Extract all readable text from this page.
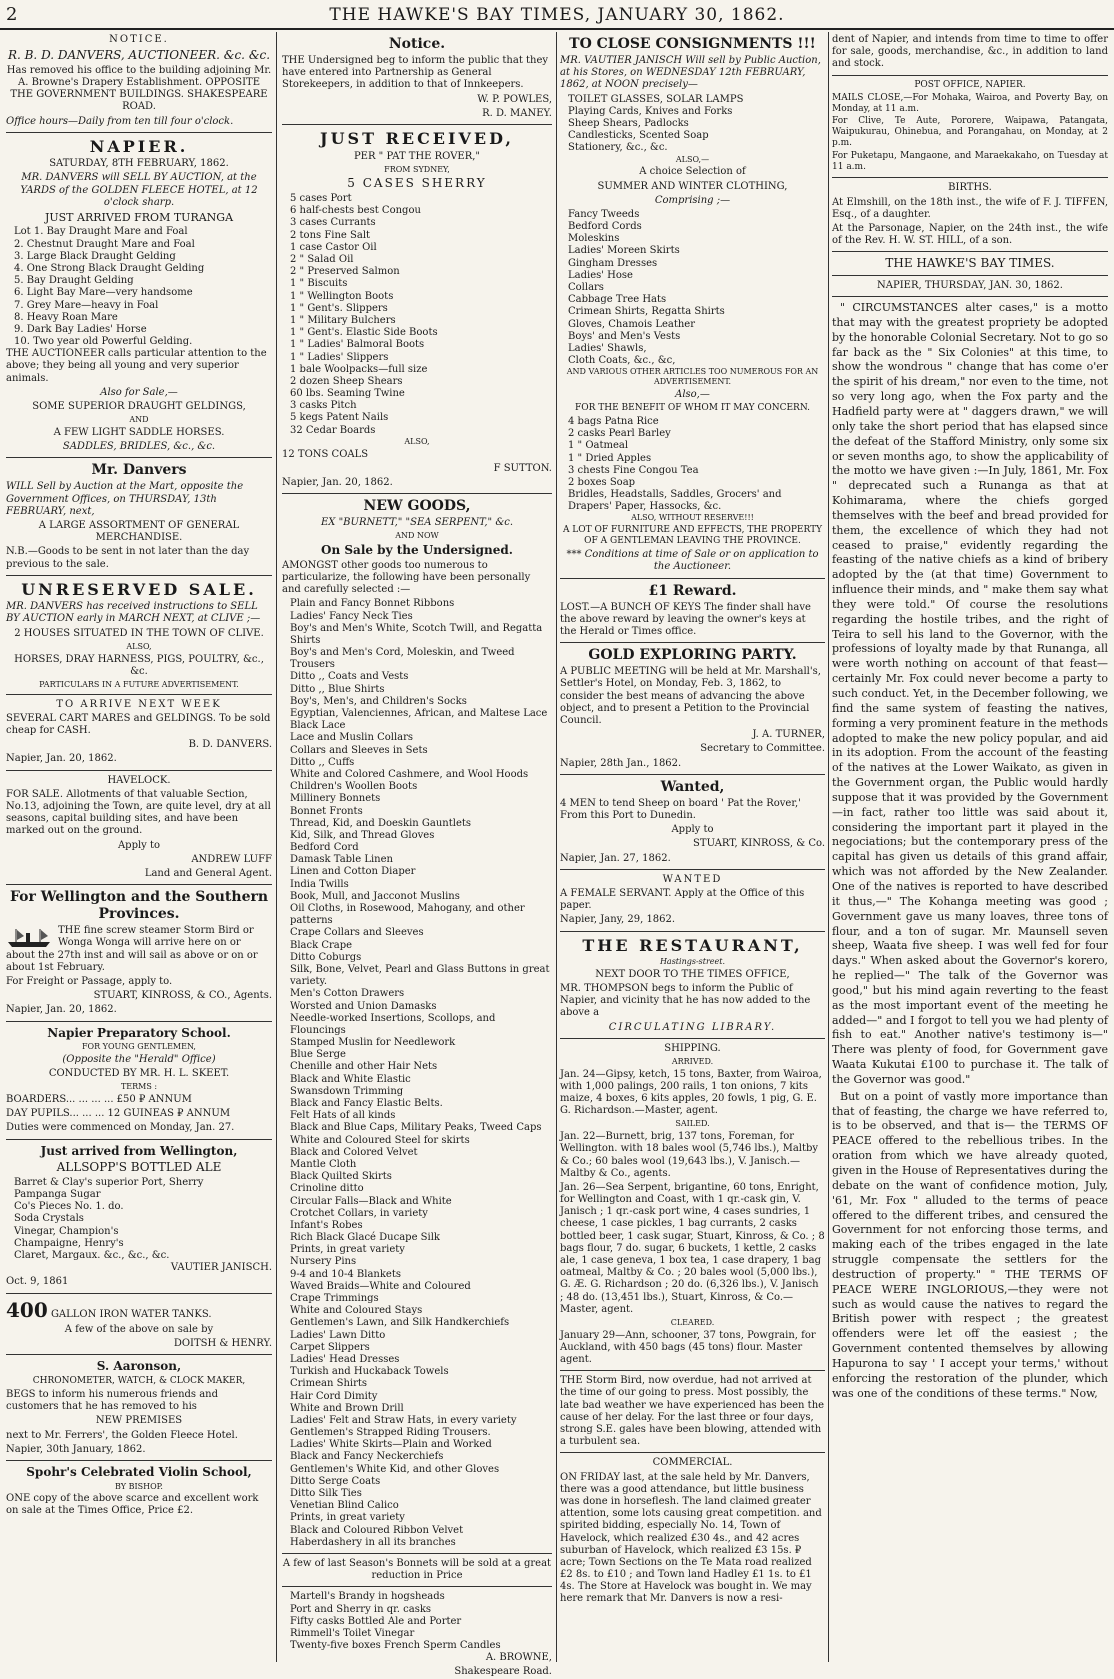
2	THE HAWKE'S BAY TIMES, JANUARY 30, 1862.

NOTICE.

R. B. D. DANVERS, AUCTIONEER. &c. &c.

Has removed his office to the building adjoining Mr. A. Browne's Drapery Establishment. OPPOSITE THE GOVERNMENT BUILDINGS. SHAKESPEARE ROAD.

Office hours—Daily from ten till four o'clock.

NAPIER.

SATURDAY, 8TH FEBRUARY, 1862.

MR. DANVERS will SELL BY AUCTION, at the YARDS of the GOLDEN FLEECE HOTEL, at 12 o'clock sharp.

JUST ARRIVED FROM TURANGA

Lot 1. Bay Draught Mare and Foal

2. Chestnut Draught Mare and Foal

3. Large Black Draught Gelding

4. One Strong Black Draught Gelding

5. Bay Draught Gelding

6. Light Bay Mare—very handsome

7. Grey Mare—heavy in Foal

8. Heavy Roan Mare

9. Dark Bay Ladies' Horse

10. Two year old Powerful Gelding.

THE AUCTIONEER calls particular attention to the above; they being all young and very superior animals.

Also for Sale,—

SOME SUPERIOR DRAUGHT GELDINGS,

AND

A FEW LIGHT SADDLE HORSES.

SADDLES, BRIDLES, &c., &c.

Mr. Danvers

WILL Sell by Auction at the Mart, opposite the Government Offices, on THURSDAY, 13th FEBRUARY, next,

A LARGE ASSORTMENT OF GENERAL MERCHANDISE.

N.B.—Goods to be sent in not later than the day previous to the sale.

UNRESERVED SALE.

MR. DANVERS has received instructions to SELL BY AUCTION early in MARCH NEXT, at CLIVE ;—

2 HOUSES SITUATED IN THE TOWN OF CLIVE.

ALSO,

HORSES, DRAY HARNESS, PIGS, POULTRY, &c., &c.

PARTICULARS IN A FUTURE ADVERTISEMENT.

TO ARRIVE NEXT WEEK

SEVERAL CART MARES and GELDINGS. To be sold cheap for CASH.

B. D. DANVERS.

Napier, Jan. 20, 1862.

HAVELOCK.

FOR SALE. Allotments of that valuable Section, No.13, adjoining the Town, are quite level, dry at all seasons, capital building sites, and have been marked out on the ground.

Apply to

ANDREW LUFF

Land and General Agent.

For Wellington and the Southern Provinces.

THE fine screw steamer Storm Bird or Wonga Wonga will arrive here on or about the 27th inst and will sail as above or on or about 1st February.

For Freight or Passage, apply to.

STUART, KINROSS, & CO., Agents.

Napier, Jan. 20, 1862.

Napier Preparatory School.

FOR YOUNG GENTLEMEN,

(Opposite the "Herald" Office)

CONDUCTED BY MR. H. L. SKEET.

TERMS :

BOARDERS... ... ... ... £50 ₽ ANNUM

DAY PUPILS... ... ... 12 GUINEAS ₽ ANNUM

Duties were commenced on Monday, Jan. 27.

Just arrived from Wellington,

ALLSOPP'S BOTTLED ALE

Barret & Clay's superior Port, Sherry

Pampanga Sugar

Co's Pieces No. 1. do.

Soda Crystals

Vinegar, Champion's

Champaigne, Henry's

Claret, Margaux. &c., &c., &c.

VAUTIER JANISCH.

Oct. 9, 1861

400 GALLON IRON WATER TANKS.

A few of the above on sale by

DOITSH & HENRY.

S. Aaronson,

CHRONOMETER, WATCH, & CLOCK MAKER,

BEGS to inform his numerous friends and customers that he has removed to his

NEW PREMISES

next to Mr. Ferrers', the Golden Fleece Hotel.

Napier, 30th January, 1862.

Spohr's Celebrated Violin School,

BY BISHOP.

ONE copy of the above scarce and excellent work on sale at the Times Office, Price £2.

Notice.

THE Undersigned beg to inform the public that they have entered into Partnership as General Storekeepers, in addition to that of Innkeepers.

W. P. POWLES,

R. D. MANEY.

JUST RECEIVED,

PER " PAT THE ROVER,"

FROM SYDNEY,

5 CASES SHERRY

5 cases Port

6 half-chests best Congou

3 cases Currants

2 tons Fine Salt

1 case Castor Oil

2 " Salad Oil

2 " Preserved Salmon

1 " Biscuits

1 " Wellington Boots

1 " Gent's. Slippers

1 " Military Bulchers

1 " Gent's. Elastic Side Boots

1 " Ladies' Balmoral Boots

1 " Ladies' Slippers

1 bale Woolpacks—full size

2 dozen Sheep Shears

60 lbs. Seaming Twine

3 casks Pitch

5 kegs Patent Nails

32 Cedar Boards

ALSO,

12 TONS COALS

F SUTTON.

Napier, Jan. 20, 1862.

NEW GOODS,

EX "BURNETT," "SEA SERPENT," &c.

AND NOW

On Sale by the Undersigned.

AMONGST other goods too numerous to particularize, the following have been personally and carefully selected :—

Plain and Fancy Bonnet Ribbons

Ladies' Fancy Neck Ties

Boy's and Men's White, Scotch Twill, and Regatta Shirts

Boy's and Men's Cord, Moleskin, and Tweed Trousers

Ditto ,, Coats and Vests

Ditto ,, Blue Shirts

Boy's, Men's, and Children's Socks

Egyptian, Valenciennes, African, and Maltese Lace

Black Lace

Lace and Muslin Collars

Collars and Sleeves in Sets

Ditto ,, Cuffs

White and Colored Cashmere, and Wool Hoods

Children's Woollen Boots

Millinery Bonnets

Bonnet Fronts

Thread, Kid, and Doeskin Gauntlets

Kid, Silk, and Thread Gloves

Bedford Cord

Damask Table Linen

Linen and Cotton Diaper

India Twills

Book, Mull, and Jacconot Muslins

Oil Cloths, in Rosewood, Mahogany, and other patterns

Crape Collars and Sleeves

Black Crape

Ditto Coburgs

Silk, Bone, Velvet, Pearl and Glass Buttons in great variety.

Men's Cotton Drawers

Worsted and Union Damasks

Needle-worked Insertions, Scollops, and Flouncings

Stamped Muslin for Needlework

Blue Serge

Chenille and other Hair Nets

Black and White Elastic

Swansdown Trimming

Black and Fancy Elastic Belts.

Felt Hats of all kinds

Black and Blue Caps, Military Peaks, Tweed Caps

White and Coloured Steel for skirts

Black and Colored Velvet

Mantle Cloth

Black Quilted Skirts

Crinoline ditto

Circular Falls—Black and White

Crotchet Collars, in variety

Infant's Robes

Rich Black Glacé Ducape Silk

Prints, in great variety

Nursery Pins

9-4 and 10-4 Blankets

Waved Braids—White and Coloured

Crape Trimmings

White and Coloured Stays

Gentlemen's Lawn, and Silk Handkerchiefs

Ladies' Lawn Ditto

Carpet Slippers

Ladies' Head Dresses

Turkish and Huckaback Towels

Crimean Shirts

Hair Cord Dimity

White and Brown Drill

Ladies' Felt and Straw Hats, in every variety

Gentlemen's Strapped Riding Trousers.

Ladies' White Skirts—Plain and Worked

Black and Fancy Neckerchiefs

Gentlemen's White Kid, and other Gloves

Ditto Serge Coats

Ditto Silk Ties

Venetian Blind Calico

Prints, in great variety

Black and Coloured Ribbon Velvet

Haberdashery in all its branches

A few of last Season's Bonnets will be sold at a great reduction in Price

Martell's Brandy in hogsheads

Port and Sherry in qr. casks

Fifty casks Bottled Ale and Porter

Rimmell's Toilet Vinegar

Twenty-five boxes French Sperm Candles

A. BROWNE,

Shakespeare Road.

TO CLOSE CONSIGNMENTS !!!

MR. VAUTIER JANISCH Will sell by Public Auction, at his Stores, on WEDNESDAY 12th FEBRUARY, 1862, at NOON precisely—

TOILET GLASSES, SOLAR LAMPS

Playing Cards, Knives and Forks

Sheep Shears, Padlocks

Candlesticks, Scented Soap

Stationery, &c., &c.

ALSO,—

A choice Selection of

SUMMER AND WINTER CLOTHING,

Comprising ;—

Fancy Tweeds

Bedford Cords

Moleskins

Ladies' Moreen Skirts

Gingham Dresses

Ladies' Hose

Collars

Cabbage Tree Hats

Crimean Shirts, Regatta Shirts

Gloves, Chamois Leather

Boys' and Men's Vests

Ladies' Shawls,

Cloth Coats, &c., &c,

AND VARIOUS OTHER ARTICLES TOO NUMEROUS FOR AN ADVERTISEMENT.

Also,—

FOR THE BENEFIT OF WHOM IT MAY CONCERN.

4 bags Patna Rice

2 casks Pearl Barley

1 " Oatmeal

1 " Dried Apples

3 chests Fine Congou Tea

2 boxes Soap

Bridles, Headstalls, Saddles, Grocers' and Drapers' Paper, Hassocks, &c.

ALSO, WITHOUT RESERVE!!!

A LOT OF FURNITURE AND EFFECTS, THE PROPERTY OF A GENTLEMAN LEAVING THE PROVINCE.

*** Conditions at time of Sale or on application to the Auctioneer.

£1 Reward.

LOST.—A BUNCH OF KEYS The finder shall have the above reward by leaving the owner's keys at the Herald or Times office.

GOLD EXPLORING PARTY.

A PUBLIC MEETING will be held at Mr. Marshall's, Settler's Hotel, on Monday, Feb. 3, 1862, to consider the best means of advancing the above object, and to present a Petition to the Provincial Council.

J. A. TURNER,

Secretary to Committee.

Napier, 28th Jan., 1862.

Wanted,

4 MEN to tend Sheep on board ' Pat the Rover,' From this Port to Dunedin.

Apply to

STUART, KINROSS, & Co.

Napier, Jan. 27, 1862.

WANTED

A FEMALE SERVANT. Apply at the Office of this paper.

Napier, Jany, 29, 1862.

THE RESTAURANT,

Hastings-street.

NEXT DOOR TO THE TIMES OFFICE,

MR. THOMPSON begs to inform the Public of Napier, and vicinity that he has now added to the above a

CIRCULATING LIBRARY.

SHIPPING.

ARRIVED.

Jan. 24—Gipsy, ketch, 15 tons, Baxter, from Wairoa, with 1,000 palings, 200 rails, 1 ton onions, 7 kits maize, 4 boxes, 6 kits apples, 20 fowls, 1 pig, G. E. G. Richardson.—Master, agent.

SAILED.

Jan. 22—Burnett, brig, 137 tons, Foreman, for Wellington. with 18 bales wool (5,746 lbs.), Maltby & Co.; 60 bales wool (19,643 lbs.), V. Janisch.—Maltby & Co., agents.

Jan. 26—Sea Serpent, brigantine, 60 tons, Enright, for Wellington and Coast, with 1 qr.-cask gin, V. Janisch ; 1 qr.-cask port wine, 4 cases sundries, 1 cheese, 1 case pickles, 1 bag currants, 2 casks bottled beer, 1 cask sugar, Stuart, Kinross, & Co. ; 8 bags flour, 7 do. sugar, 6 buckets, 1 kettle, 2 casks ale, 1 case geneva, 1 box tea, 1 case drapery, 1 bag oatmeal, Maltby & Co. ; 20 bales wool (5,000 lbs.), G. Æ. G. Richardson ; 20 do. (6,326 lbs.), V. Janisch ; 48 do. (13,451 lbs.), Stuart, Kinross, & Co.—Master, agent.

CLEARED.

January 29—Ann, schooner, 37 tons, Powgrain, for Auckland, with 450 bags (45 tons) flour. Master agent.

THE Storm Bird, now overdue, had not arrived at the time of our going to press. Most possibly, the late bad weather we have experienced has been the cause of her delay. For the last three or four days, strong S.E. gales have been blowing, attended with a turbulent sea.

COMMERCIAL.

ON FRIDAY last, at the sale held by Mr. Danvers, there was a good attendance, but little business was done in horseflesh. The land claimed greater attention, some lots causing great competition. and spirited bidding, especially No. 14, Town of Havelock, which realized £30 4s., and 42 acres suburban of Havelock, which realized £3 15s. ₽ acre; Town Sections on the Te Mata road realized £2 8s. to £10 ; and Town land Hadley £1 1s. to £1 4s. The Store at Havelock was bought in. We may here remark that Mr. Danvers is now a resi-

dent of Napier, and intends from time to time to offer for sale, goods, merchandise, &c., in addition to land and stock.

POST OFFICE, NAPIER.

MAILS CLOSE,—For Mohaka, Wairoa, and Poverty Bay, on Monday, at 11 a.m.

For Clive, Te Aute, Pororere, Waipawa, Patangata, Waipukurau, Ohinebua, and Porangahau, on Monday, at 2 p.m.

For Puketapu, Mangaone, and Maraekakaho, on Tuesday at 11 a.m.

BIRTHS.

At Elmshill, on the 18th inst., the wife of F. J. TIFFEN, Esq., of a daughter.

At the Parsonage, Napier, on the 24th inst., the wife of the Rev. H. W. ST. HILL, of a son.

THE HAWKE'S BAY TIMES.

NAPIER, THURSDAY, JAN. 30, 1862.

" CIRCUMSTANCES alter cases," is a motto that may with the greatest propriety be adopted by the honorable Colonial Secretary. Not to go so far back as the " Six Colonies" at this time, to show the wondrous " change that has come o'er the spirit of his dream," nor even to the time, not so very long ago, when the Fox party and the Hadfield party were at " daggers drawn," we will only take the short period that has elapsed since the defeat of the Stafford Ministry, only some six or seven months ago, to show the applicability of the motto we have given :—In July, 1861, Mr. Fox " deprecated such a Runanga as that at Kohimarama, where the chiefs gorged themselves with the beef and bread provided for them, the excellence of which they had not ceased to praise," evidently regarding the feasting of the native chiefs as a kind of bribery adopted by the (at that time) Government to influence their minds, and " make them say what they were told." Of course the resolutions regarding the hostile tribes, and the right of Teira to sell his land to the Governor, with the professions of loyalty made by that Runanga, all were worth nothing on account of that feast—certainly Mr. Fox could never become a party to such conduct. Yet, in the December following, we find the same system of feasting the natives, forming a very prominent feature in the methods adopted to make the new policy popular, and aid in its adoption. From the account of the feasting of the natives at the Lower Waikato, as given in the Government organ, the Public would hardly suppose that it was provided by the Government—in fact, rather too little was said about it, considering the important part it played in the negociations; but the contemporary press of the capital has given us details of this grand affair, which was not afforded by the New Zealander. One of the natives is reported to have described it thus,—" The Kohanga meeting was good ; Government gave us many loaves, three tons of flour, and a ton of sugar. Mr. Maunsell seven sheep, Waata five sheep. I was well fed for four days." When asked about the Governor's korero, he replied—" The talk of the Governor was good," but his mind again reverting to the feast as the most important event of the meeting he added—" and I forgot to tell you we had plenty of fish to eat." Another native's testimony is—" There was plenty of food, for Government gave Waata Kukutai £100 to purchase it. The talk of the Governor was good."

But on a point of vastly more importance than that of feasting, the charge we have referred to, is to be observed, and that is— the TERMS OF PEACE offered to the rebellious tribes. In the oration from which we have already quoted, given in the House of Representatives during the debate on the want of confidence motion, July, '61, Mr. Fox " alluded to the terms of peace offered to the different tribes, and censured the Government for not enforcing those terms, and making each of the tribes engaged in the late struggle compensate the settlers for the destruction of property." " THE TERMS OF PEACE WERE INGLORIOUS,—they were not such as would cause the natives to regard the British power with respect ; the greatest offenders were let off the easiest ; the Government contented themselves by allowing Hapurona to say ' I accept your terms,' without enforcing the restoration of the plunder, which was one of the conditions of these terms." Now,
